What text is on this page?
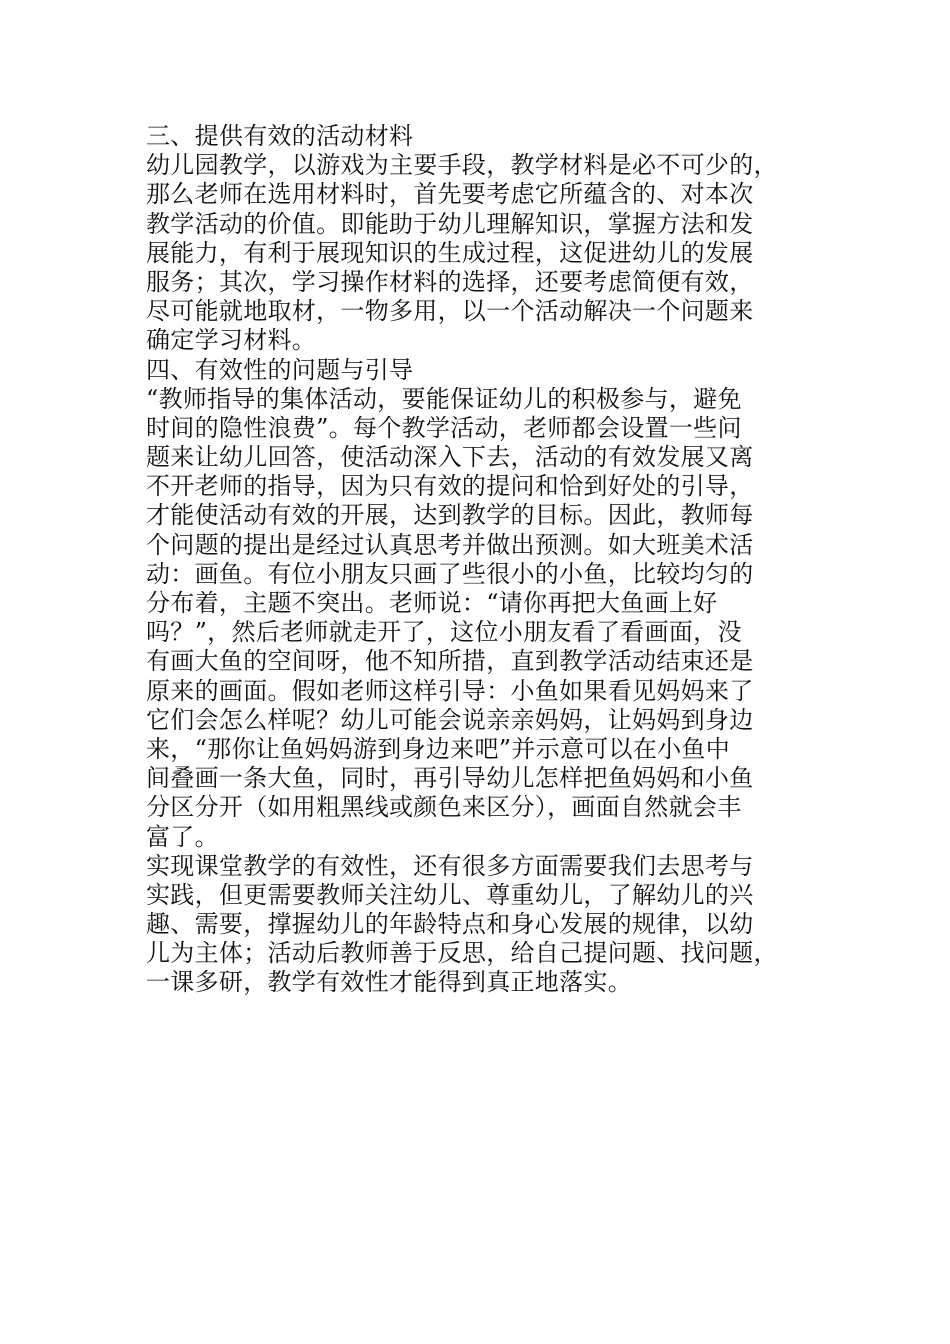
三、提供有效的活动材料
幼儿园教学，以游戏为主要手段，教学材料是必不可少的，
那么老师在选用材料时，首先要考虑它所蕴含的、对本次
教学活动的价值。即能助于幼儿理解知识，掌握方法和发
展能力，有利于展现知识的生成过程，这促进幼儿的发展
服务；其次，学习操作材料的选择，还要考虑简便有效，
尽可能就地取材，一物多用，以一个活动解决一个问题来
确定学习材料。
四、有效性的问题与引导
“教师指导的集体活动，要能保证幼儿的积极参与，避免
时间的隐性浪费”。每个教学活动，老师都会设置一些问
题来让幼儿回答，使活动深入下去，活动的有效发展又离
不开老师的指导，因为只有效的提问和恰到好处的引导，
才能使活动有效的开展，达到教学的目标。因此，教师每
个问题的提出是经过认真思考并做出预测。如大班美术活
动：画鱼。有位小朋友只画了些很小的小鱼，比较均匀的
分布着，主题不突出。老师说：“请你再把大鱼画上好
吗？”，然后老师就走开了，这位小朋友看了看画面，没
有画大鱼的空间呀，他不知所措，直到教学活动结束还是
原来的画面。假如老师这样引导：小鱼如果看见妈妈来了
它们会怎么样呢？幼儿可能会说亲亲妈妈，让妈妈到身边
来，“那你让鱼妈妈游到身边来吧”并示意可以在小鱼中
间叠画一条大鱼，同时，再引导幼儿怎样把鱼妈妈和小鱼
分区分开（如用粗黑线或颜色来区分），画面自然就会丰
富了。
实现课堂教学的有效性，还有很多方面需要我们去思考与
实践，但更需要教师关注幼儿、尊重幼儿，了解幼儿的兴
趣、需要，撑握幼儿的年龄特点和身心发展的规律，以幼
儿为主体；活动后教师善于反思，给自己提问题、找问题，
一课多研，教学有效性才能得到真正地落实。
